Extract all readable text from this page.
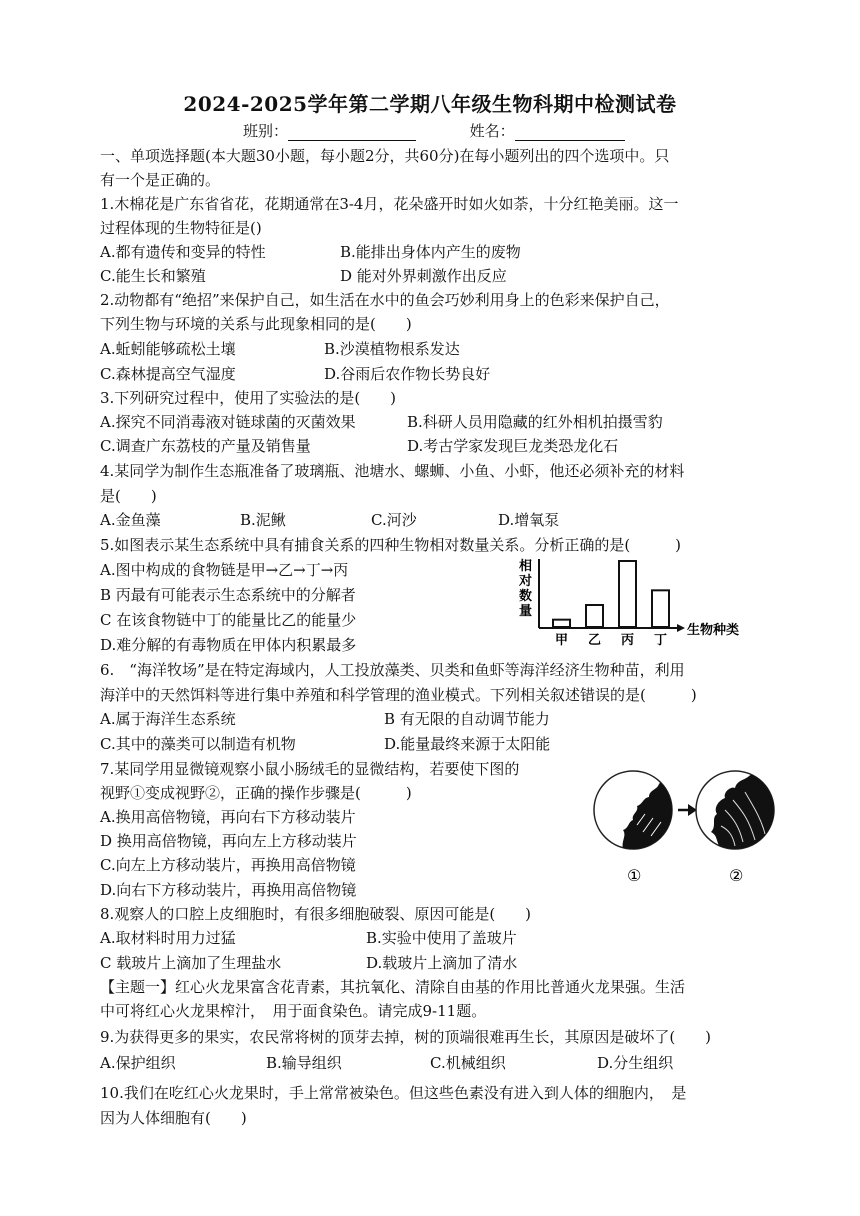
2024-2025学年第二学期八年级生物科期中检测试卷
班别：	姓名：
一、单项选择题(本大题30小题，每小题2分，共60分)在每小题列出的四个选项中。只
有一个是正确的。
1.木棉花是广东省省花，花期通常在3-4月，花朵盛开时如火如荼，十分红艳美丽。这一
过程体现的生物特征是()
A.都有遗传和变异的特性	B.能排出身体内产生的废物
C.能生长和繁殖	D 能对外界刺激作出反应
2.动物都有“绝招”来保护自己，如生活在水中的鱼会巧妙利用身上的色彩来保护自己，
下列生物与环境的关系与此现象相同的是(　　)
A.蚯蚓能够疏松土壤	B.沙漠植物根系发达
C.森林提高空气湿度	D.谷雨后农作物长势良好
3.下列研究过程中，使用了实验法的是(　　)
A.探究不同消毒液对链球菌的灭菌效果	B.科研人员用隐藏的红外相机拍摄雪豹
C.调查广东荔枝的产量及销售量	D.考古学家发现巨龙类恐龙化石
4.某同学为制作生态瓶准备了玻璃瓶、池塘水、螺蛳、小鱼、小虾，他还必须补充的材料
是(　　)
A.金鱼藻	B.泥鳅	C.河沙	D.增氧泵
5.如图表示某生态系统中具有捕食关系的四种生物相对数量关系。分析正确的是(　　　)
A.图中构成的食物链是甲→乙→丁→丙
B 丙最有可能表示生态系统中的分解者
C 在该食物链中丁的能量比乙的能量少
D.难分解的有毒物质在甲体内积累最多
相
对
数
量
甲 乙 丙 丁
生物种类
6.　“海洋牧场”是在特定海域内，人工投放藻类、贝类和鱼虾等海洋经济生物种苗，利用
海洋中的天然饵料等进行集中养殖和科学管理的渔业模式。下列相关叙述错误的是(　　　)
A.属于海洋生态系统	B 有无限的自动调节能力
C.其中的藻类可以制造有机物	D.能量最终来源于太阳能
7.某同学用显微镜观察小鼠小肠绒毛的显微结构，若要使下图的
视野①变成视野②，正确的操作步骤是(　　　)
A.换用高倍物镜，再向右下方移动装片
D 换用高倍物镜，再向左上方移动装片
C.向左上方移动装片，再换用高倍物镜
D.向右下方移动装片，再换用高倍物镜
①	②
8.观察人的口腔上皮细胞时，有很多细胞破裂、原因可能是(　　)
A.取材料时用力过猛	B.实验中使用了盖玻片
C 载玻片上滴加了生理盐水	D.载玻片上滴加了清水
【主题一】红心火龙果富含花青素，其抗氧化、清除自由基的作用比普通火龙果强。生活
中可将红心火龙果榨汁，　用于面食染色。请完成9-11题。
9.为获得更多的果实，农民常将树的顶芽去掉，树的顶端很难再生长，其原因是破坏了(　　)
A.保护组织	B.输导组织	C.机械组织	D.分生组织
10.我们在吃红心火龙果时，手上常常被染色。但这些色素没有进入到人体的细胞内，　是
因为人体细胞有(　　)
